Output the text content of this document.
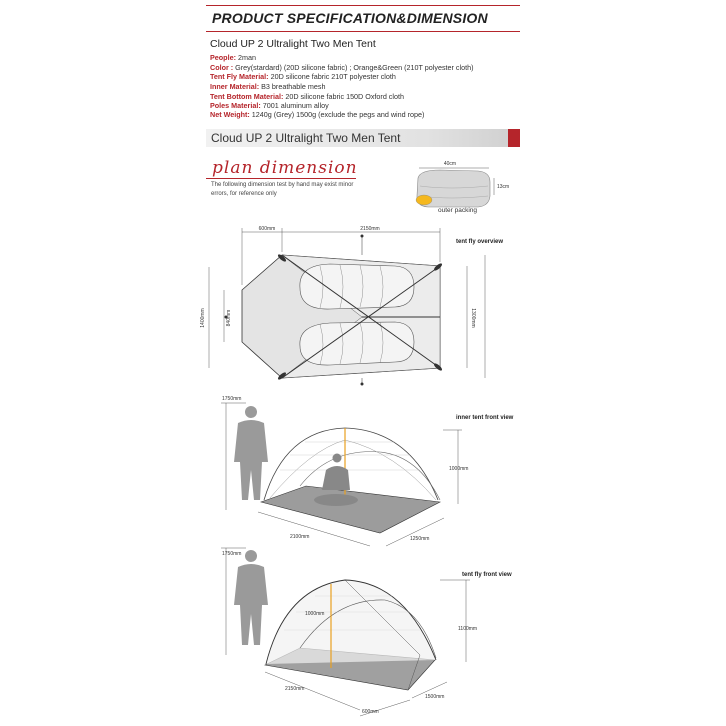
PRODUCT SPECIFICATION&DIMENSION
Cloud UP 2 Ultralight Two Men Tent
People: 2man
Color : Grey(stardard) (20D silicone fabric) ; Orange&Green (210T polyester cloth)
Tent Fly Material: 20D silicone fabric 210T polyester cloth
Inner Material: B3 breathable mesh
Tent Bottom Material: 20D silicone fabric 150D Oxford cloth
Poles Material: 7001 aluminum alloy
Net Weight: 1240g (Grey) 1500g (exclude the pegs and wind rope)
Cloud UP 2 Ultralight Two Men Tent
plan dimension
The following dimension test by hand may exist minor errors, for reference only
40cm
13cm
outer packing
600mm	2150mm
1400mm	840mm	1300mm
tent fly overview
1750mm
1000mm
2100mm	1250mm
inner tent front view
1750mm
1000mm
1100mm
2150mm
1500mm
600mm
tent fly front view
